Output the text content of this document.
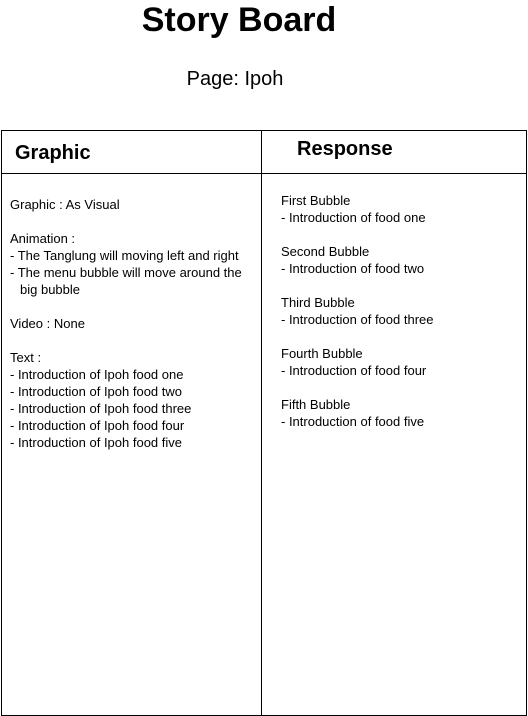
Story Board
Page: Ipoh
Graphic	Response
Graphic : As Visual
Animation :
- The Tanglung will moving left and right
- The menu bubble will move around the
big bubble
Video : None
Text :
- Introduction of Ipoh food one
- Introduction of Ipoh food two
- Introduction of Ipoh food three
- Introduction of Ipoh food four
- Introduction of Ipoh food five
First Bubble
- Introduction of food one
Second Bubble
- Introduction of food two
Third Bubble
- Introduction of food three
Fourth Bubble
- Introduction of food four
Fifth Bubble
- Introduction of food five
